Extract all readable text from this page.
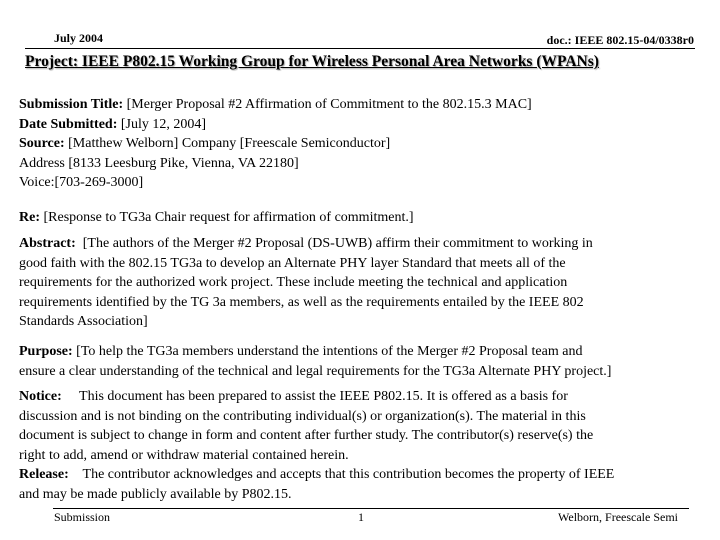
July 2004	doc.: IEEE 802.15-04/0338r0
Project: IEEE P802.15 Working Group for Wireless Personal Area Networks (WPANs)
Submission Title: [Merger Proposal #2 Affirmation of Commitment to the 802.15.3 MAC]
Date Submitted: [July 12, 2004]
Source: [Matthew Welborn] Company [Freescale Semiconductor]
Address [8133 Leesburg Pike, Vienna, VA 22180]
Voice:[703-269-3000]
Re: [Response to TG3a Chair request for affirmation of commitment.]
Abstract: [The authors of the Merger #2 Proposal (DS-UWB) affirm their commitment to working in
good faith with the 802.15 TG3a to develop an Alternate PHY layer Standard that meets all of the
requirements for the authorized work project. These include meeting the technical and application
requirements identified by the TG 3a members, as well as the requirements entailed by the IEEE 802
Standards Association]
Purpose: [To help the TG3a members understand the intentions of the Merger #2 Proposal team and
ensure a clear understanding of the technical and legal requirements for the TG3a Alternate PHY project.]
Notice: This document has been prepared to assist the IEEE P802.15. It is offered as a basis for
discussion and is not binding on the contributing individual(s) or organization(s). The material in this
document is subject to change in form and content after further study. The contributor(s) reserve(s) the
right to add, amend or withdraw material contained herein.
Release: The contributor acknowledges and accepts that this contribution becomes the property of IEEE
and may be made publicly available by P802.15.
Submission	1	Welborn, Freescale Semi
